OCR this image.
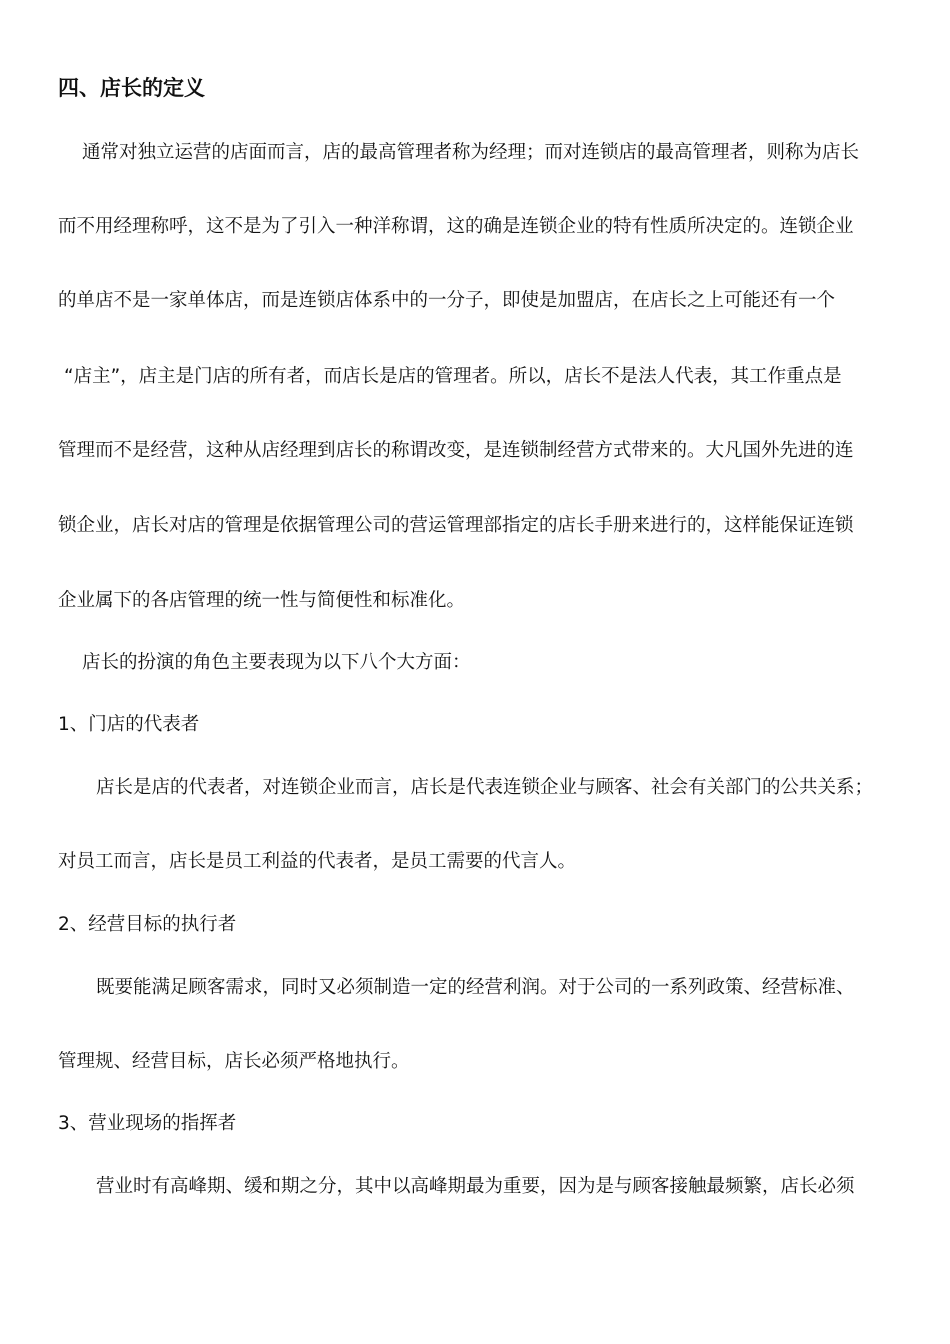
四、店长的定义
通常对独立运营的店面而言，店的最高管理者称为经理；而对连锁店的最高管理者，则称为店长
而不用经理称呼，这不是为了引入一种洋称谓，这的确是连锁企业的特有性质所决定的。连锁企业
的单店不是一家单体店，而是连锁店体系中的一分子，即使是加盟店，在店长之上可能还有一个
“店主”，店主是门店的所有者，而店长是店的管理者。所以，店长不是法人代表，其工作重点是
管理而不是经营，这种从店经理到店长的称谓改变，是连锁制经营方式带来的。大凡国外先进的连
锁企业，店长对店的管理是依据管理公司的营运管理部指定的店长手册来进行的，这样能保证连锁
企业属下的各店管理的统一性与简便性和标准化。
店长的扮演的角色主要表现为以下八个大方面：
1、门店的代表者
店长是店的代表者，对连锁企业而言，店长是代表连锁企业与顾客、社会有关部门的公共关系；
对员工而言，店长是员工利益的代表者，是员工需要的代言人。
2、经营目标的执行者
既要能满足顾客需求，同时又必须制造一定的经营利润。对于公司的一系列政策、经营标准、
管理规、经营目标，店长必须严格地执行。
3、营业现场的指挥者
营业时有高峰期、缓和期之分，其中以高峰期最为重要，因为是与顾客接触最频繁，店长必须
